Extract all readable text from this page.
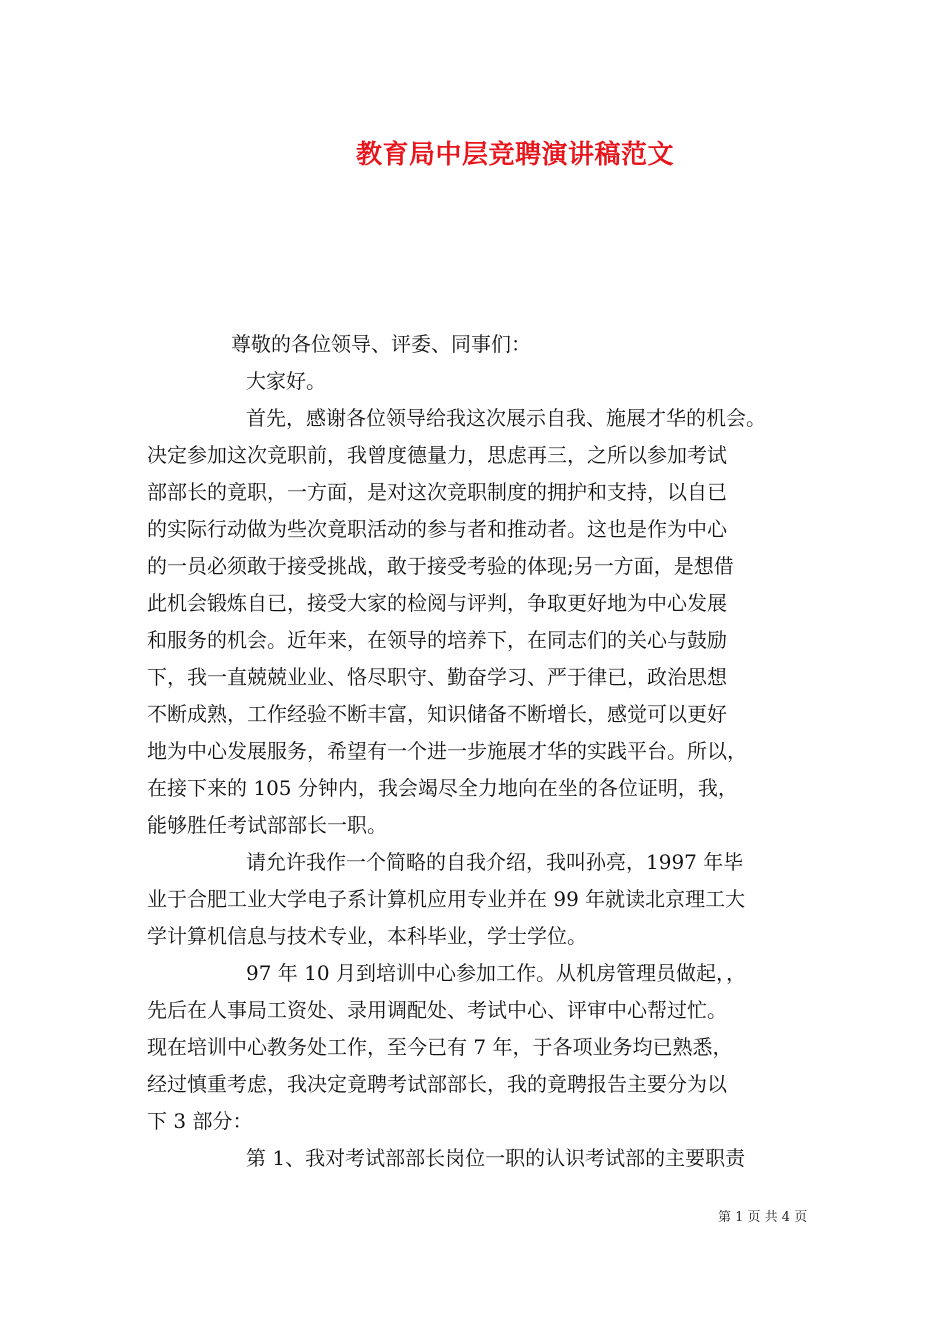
教育局中层竞聘演讲稿范文
尊敬的各位领导、评委、同事们：
大家好。
首先，感谢各位领导给我这次展示自我、施展才华的机会。
决定参加这次竞职前，我曾度德量力，思虑再三，之所以参加考试
部部长的竟职，一方面，是对这次竞职制度的拥护和支持，以自已
的实际行动做为些次竟职活动的参与者和推动者。这也是作为中心
的一员必须敢于接受挑战，敢于接受考验的体现;另一方面，是想借
此机会锻炼自已，接受大家的检阅与评判，争取更好地为中心发展
和服务的机会。近年来，在领导的培养下，在同志们的关心与鼓励
下，我一直兢兢业业、恪尽职守、勤奋学习、严于律已，政治思想
不断成熟，工作经验不断丰富，知识储备不断增长，感觉可以更好
地为中心发展服务，希望有一个进一步施展才华的实践平台。所以，
在接下来的 105 分钟内，我会竭尽全力地向在坐的各位证明，我，
能够胜任考试部部长一职。
请允许我作一个简略的自我介绍，我叫孙亮，1997 年毕
业于合肥工业大学电子系计算机应用专业并在 99 年就读北京理工大
学计算机信息与技术专业，本科毕业，学士学位。
97 年 10 月到培训中心参加工作。从机房管理员做起，，
先后在人事局工资处、录用调配处、考试中心、评审中心帮过忙。
现在培训中心教务处工作，至今已有 7 年，于各项业务均已熟悉，
经过慎重考虑，我决定竟聘考试部部长，我的竟聘报告主要分为以
下 3 部分：
第 1、我对考试部部长岗位一职的认识考试部的主要职责
第 1 页 共 4 页
